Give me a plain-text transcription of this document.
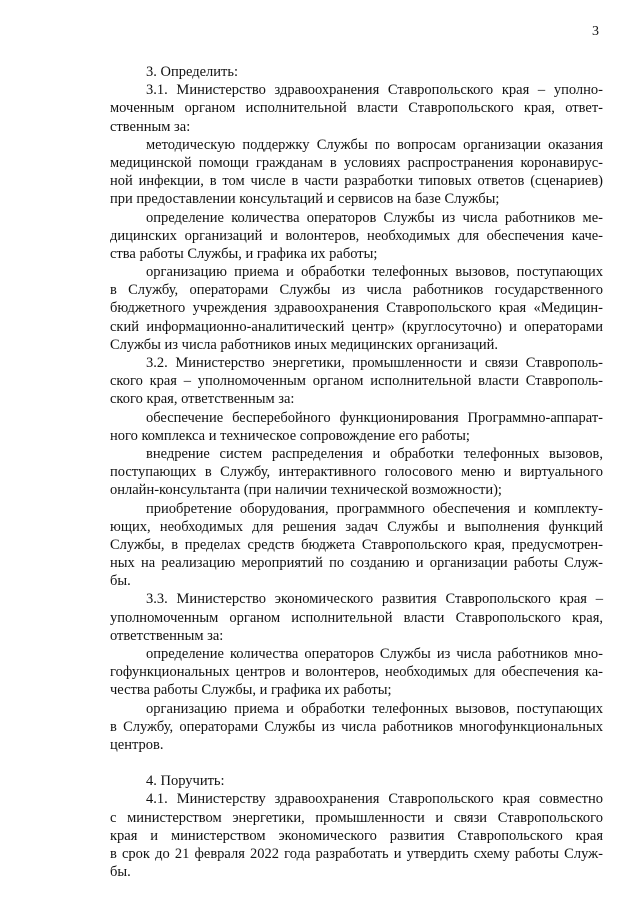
3
3. Определить:
3.1. Министерство здравоохранения Ставропольского края – уполно-
моченным органом исполнительной власти Ставропольского края, ответ-
ственным за:
методическую поддержку Службы по вопросам организации оказания
медицинской помощи гражданам в условиях распространения коронавирус-
ной инфекции, в том числе в части разработки типовых ответов (сценариев)
при предоставлении консультаций и сервисов на базе Службы;
определение количества операторов Службы из числа работников ме-
дицинских организаций и волонтеров, необходимых для обеспечения каче-
ства работы Службы, и графика их работы;
организацию приема и обработки телефонных вызовов, поступающих
в Службу, операторами Службы из числа работников государственного
бюджетного учреждения здравоохранения Ставропольского края «Медицин-
ский информационно-аналитический центр» (круглосуточно) и операторами
Службы из числа работников иных медицинских организаций.
3.2. Министерство энергетики, промышленности и связи Ставрополь-
ского края – уполномоченным органом исполнительной власти Ставрополь-
ского края, ответственным за:
обеспечение бесперебойного функционирования Программно-аппарат-
ного комплекса и техническое сопровождение его работы;
внедрение систем распределения и обработки телефонных вызовов,
поступающих в Службу, интерактивного голосового меню и виртуального
онлайн-консультанта (при наличии технической возможности);
приобретение оборудования, программного обеспечения и комплекту-
ющих, необходимых для решения задач Службы и выполнения функций
Службы, в пределах средств бюджета Ставропольского края, предусмотрен-
ных на реализацию мероприятий по созданию и организации работы Служ-
бы.
3.3. Министерство экономического развития Ставропольского края –
уполномоченным органом исполнительной власти Ставропольского края,
ответственным за:
определение количества операторов Службы из числа работников мно-
гофункциональных центров и волонтеров, необходимых для обеспечения ка-
чества работы Службы, и графика их работы;
организацию приема и обработки телефонных вызовов, поступающих
в Службу, операторами Службы из числа работников многофункциональных
центров.
4. Поручить:
4.1. Министерству здравоохранения Ставропольского края совместно
с министерством энергетики, промышленности и связи Ставропольского
края и министерством экономического развития Ставропольского края
в срок до 21 февраля 2022 года разработать и утвердить схему работы Служ-
бы.
